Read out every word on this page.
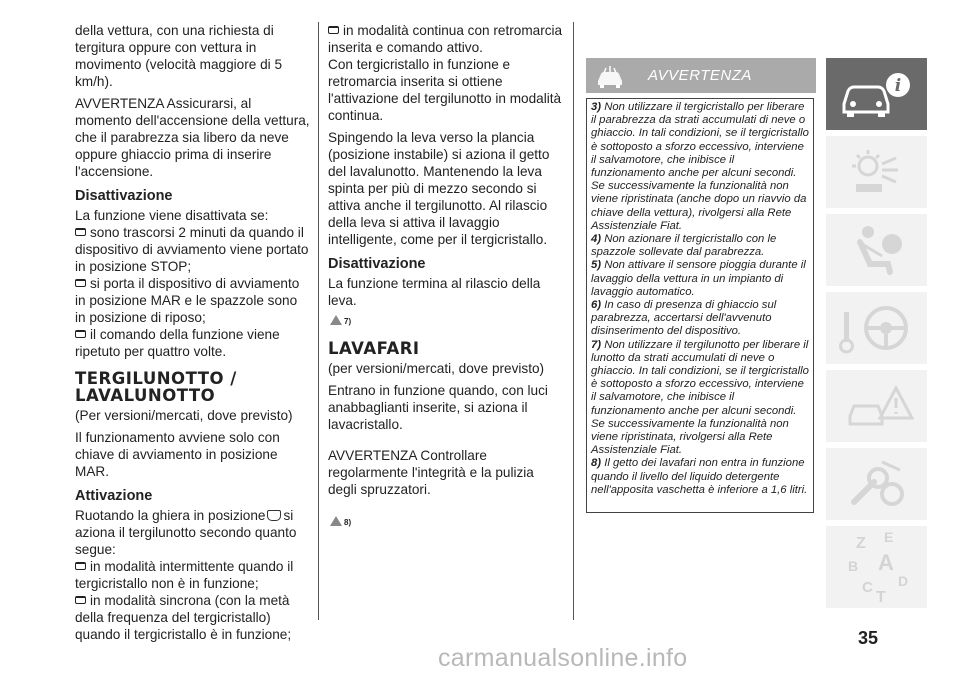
della vettura, con una richiesta di tergitura oppure con vettura in movimento (velocità maggiore di 5 km/h).

AVVERTENZA Assicurarsi, al momento dell'accensione della vettura, che il parabrezza sia libero da neve oppure ghiaccio prima di inserire l'accensione.

Disattivazione

La funzione viene disattivata se:

sono trascorsi 2 minuti da quando il dispositivo di avviamento viene portato in posizione STOP;

si porta il dispositivo di avviamento in posizione MAR e le spazzole sono in posizione di riposo;

il comando della funzione viene ripetuto per quattro volte.

TERGILUNOTTO / LAVALUNOTTO

(Per versioni/mercati, dove previsto)

Il funzionamento avviene solo con chiave di avviamento in posizione MAR.

Attivazione

Ruotando la ghiera in posizione si aziona il tergilunotto secondo quanto segue:

in modalità intermittente quando il tergicristallo non è in funzione;

in modalità sincrona (con la metà della frequenza del tergicristallo) quando il tergicristallo è in funzione;

in modalità continua con retromarcia inserita e comando attivo.

Con tergicristallo in funzione e retromarcia inserita si ottiene l'attivazione del tergilunotto in modalità continua.

Spingendo la leva verso la plancia (posizione instabile) si aziona il getto del lavalunotto. Mantenendo la leva spinta per più di mezzo secondo si attiva anche il tergilunotto. Al rilascio della leva si attiva il lavaggio intelligente, come per il tergicristallo.

Disattivazione

La funzione termina al rilascio della leva.

7)

LAVAFARI

(per versioni/mercati, dove previsto)

Entrano in funzione quando, con luci anabbaglianti inserite, si aziona il lavacristallo.

AVVERTENZA Controllare regolarmente l'integrità e la pulizia degli spruzzatori.

8)

AVVERTENZA

3) Non utilizzare il tergicristallo per liberare il parabrezza da strati accumulati di neve o ghiaccio. In tali condizioni, se il tergicristallo è sottoposto a sforzo eccessivo, interviene il salvamotore, che inibisce il funzionamento anche per alcuni secondi. Se successivamente la funzionalità non viene ripristinata (anche dopo un riavvio da chiave della vettura), rivolgersi alla Rete Assistenziale Fiat.

4) Non azionare il tergicristallo con le spazzole sollevate dal parabrezza.

5) Non attivare il sensore pioggia durante il lavaggio della vettura in un impianto di lavaggio automatico.

6) In caso di presenza di ghiaccio sul parabrezza, accertarsi dell'avvenuto disinserimento del dispositivo.

7) Non utilizzare il tergilunotto per liberare il lunotto da strati accumulati di neve o ghiaccio. In tali condizioni, se il tergicristallo è sottoposto a sforzo eccessivo, interviene il salvamotore, che inibisce il funzionamento anche per alcuni secondi. Se successivamente la funzionalità non viene ripristinata, rivolgersi alla Rete Assistenziale Fiat.

8) Il getto dei lavafari non entra in funzione quando il livello del liquido detergente nell'apposita vaschetta è inferiore a 1,6 litri.

i
Z E
B A
C
T
D
35
carmanualsonline.info
